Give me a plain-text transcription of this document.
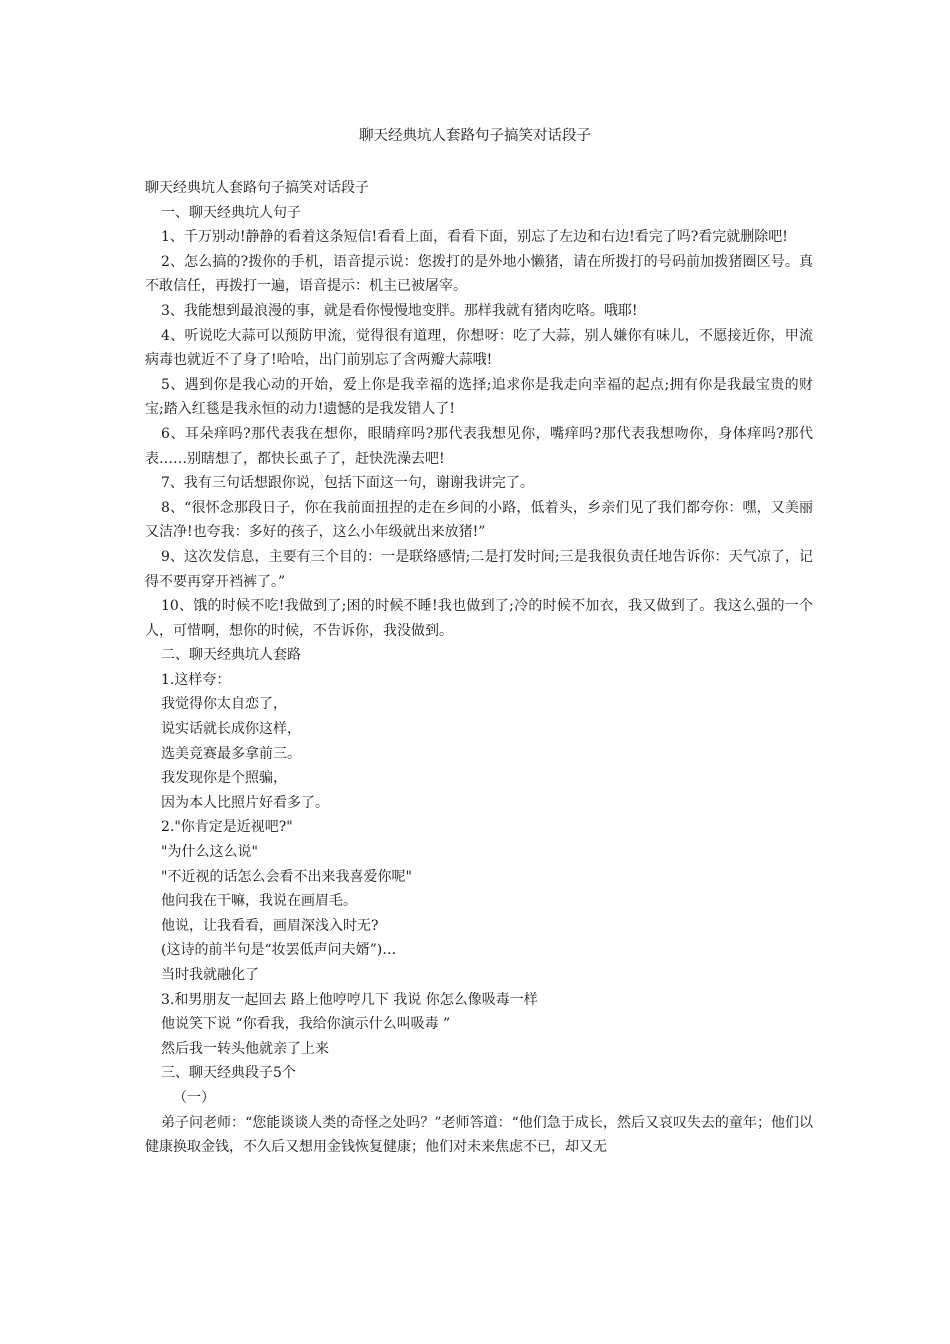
聊天经典坑人套路句子搞笑对话段子
聊天经典坑人套路句子搞笑对话段子
一、聊天经典坑人句子

1、千万别动!静静的看着这条短信!看看上面，看看下面，别忘了左边和右边!看完了吗?看完就删除吧!

2、怎么搞的?拨你的手机，语音提示说：您拨打的是外地小懒猪，请在所拨打的号码前加拨猪圈区号。真不敢信任，再拨打一遍，语音提示：机主已被屠宰。

3、我能想到最浪漫的事，就是看你慢慢地变胖。那样我就有猪肉吃咯。哦耶!

4、听说吃大蒜可以预防甲流，觉得很有道理，你想呀：吃了大蒜，别人嫌你有味儿，不愿接近你，甲流病毒也就近不了身了!哈哈，出门前别忘了含两瓣大蒜哦!

5、遇到你是我心动的开始，爱上你是我幸福的选择;追求你是我走向幸福的起点;拥有你是我最宝贵的财宝;踏入红毯是我永恒的动力!遗憾的是我发错人了!

6、耳朵痒吗?那代表我在想你，眼睛痒吗?那代表我想见你，嘴痒吗?那代表我想吻你，身体痒吗?那代表……别瞎想了，都快长虱子了，赶快洗澡去吧!

7、我有三句话想跟你说，包括下面这一句，谢谢我讲完了。

8、“很怀念那段日子，你在我前面扭捏的走在乡间的小路，低着头，乡亲们见了我们都夸你：嘿，又美丽又洁净!也夸我：多好的孩子，这么小年级就出来放猪!”

9、这次发信息，主要有三个目的：一是联络感情;二是打发时间;三是我很负责任地告诉你：天气凉了，记得不要再穿开裆裤了。”

10、饿的时候不吃!我做到了;困的时候不睡!我也做到了;冷的时候不加衣，我又做到了。我这么强的一个人，可惜啊，想你的时候，不告诉你，我没做到。

二、聊天经典坑人套路
1.这样夸：
我觉得你太自恋了，
说实话就长成你这样，
选美竞赛最多拿前三。
我发现你是个照骗，
因为本人比照片好看多了。
2."你肯定是近视吧?"
"为什么这么说"
"不近视的话怎么会看不出来我喜爱你呢"
他问我在干嘛，我说在画眉毛。
他说，让我看看，画眉深浅入时无?
(这诗的前半句是“妆罢低声问夫婿”)…
当时我就融化了
3.和男朋友一起回去 路上他哼哼几下 我说 你怎么像吸毒一样
他说笑下说 “你看我，我给你演示什么叫吸毒 ”
然后我一转头他就亲了上来
三、聊天经典段子5个
（一）

弟子问老师：“您能谈谈人类的奇怪之处吗？”老师答道：“他们急于成长，然后又哀叹失去的童年；他们以健康换取金钱，不久后又想用金钱恢复健康；他们对未来焦虑不已，却又无
